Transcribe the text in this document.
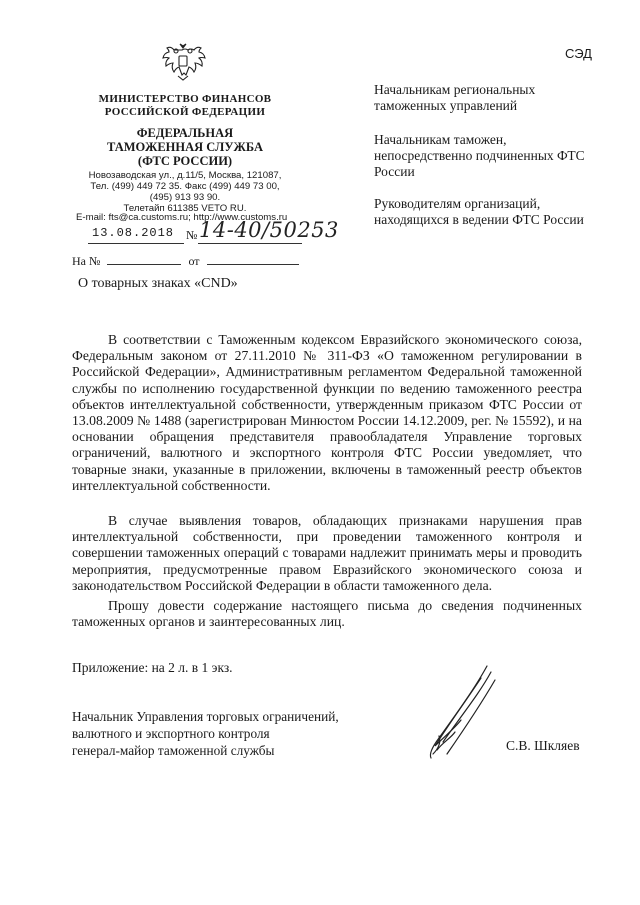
СЭД
МИНИСТЕРСТВО ФИНАНСОВ
РОССИЙСКОЙ ФЕДЕРАЦИИ
ФЕДЕРАЛЬНАЯ
ТАМОЖЕННАЯ СЛУЖБА
(ФТС РОССИИ)
Новозаводская ул., д.11/5, Москва, 121087,
Тел. (499) 449 72 35. Факс (499) 449 73 00,
(495) 913 93 90.
Телетайп 611385 VETO RU.
E-mail: fts@ca.customs.ru; http://www.customs.ru
13.08.2018 № 14-40/50253
На №	от
О товарных знаках «CND»
Начальникам региональных таможенных управлений
Начальникам таможен, непосредственно подчиненных ФТС России
Руководителям организаций, находящихся в ведении ФТС России

В соответствии с Таможенным кодексом Евразийского экономического союза, Федеральным законом от 27.11.2010 № 311-ФЗ «О таможенном регулировании в Российской Федерации», Административным регламентом Федеральной таможенной службы по исполнению государственной функции по ведению таможенного реестра объектов интеллектуальной собственности, утвержденным приказом ФТС России от 13.08.2009 № 1488 (зарегистрирован Минюстом России 14.12.2009, рег. № 15592), и на основании обращения представителя правообладателя Управление торговых ограничений, валютного и экспортного контроля ФТС России уведомляет, что товарные знаки, указанные в приложении, включены в таможенный реестр объектов интеллектуальной собственности.

В случае выявления товаров, обладающих признаками нарушения прав интеллектуальной собственности, при проведении таможенного контроля и совершении таможенных операций с товарами надлежит принимать меры и проводить мероприятия, предусмотренные правом Евразийского экономического союза и законодательством Российской Федерации в области таможенного дела.

Прошу довести содержание настоящего письма до сведения подчиненных таможенных органов и заинтересованных лиц.

Приложение: на 2 л. в 1 экз.
Начальник Управления торговых ограничений,
валютного и экспортного контроля
генерал-майор таможенной службы	С.В. Шкляев
